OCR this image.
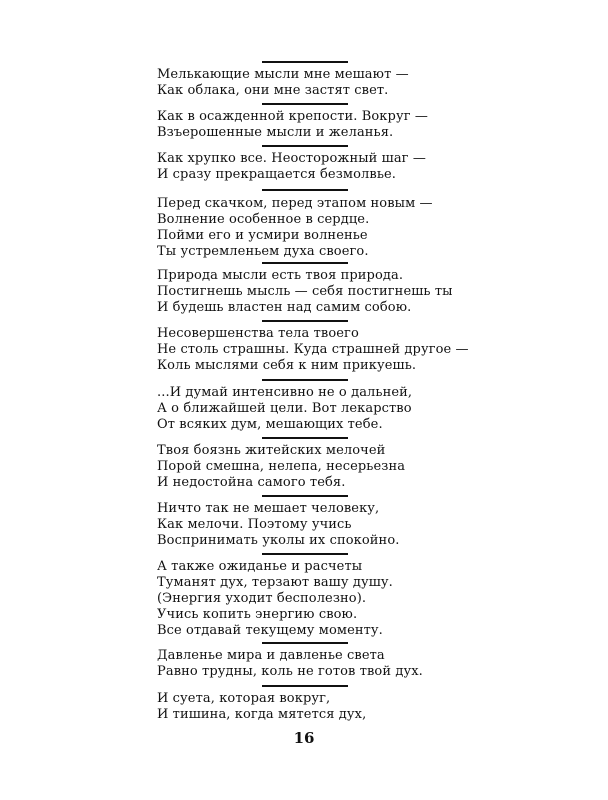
Мелькающие мысли мне мешают —
Как облака, они мне застят свет.
Как в осажденной крепости. Вокруг —
Взъерошенные мысли и желанья.
Как хрупко все. Неосторожный шаг —
И сразу прекращается безмолвье.
Перед скачком, перед этапом новым —
Волнение особенное в сердце.
Пойми его и усмири волненье
Ты устремленьем духа своего.
Природа мысли есть твоя природа.
Постигнешь мысль — себя постигнешь ты
И будешь властен над самим собою.
Несовершенства тела твоего
Не столь страшны. Куда страшней другое —
Коль мыслями себя к ним прикуешь.
...И думай интенсивно не о дальней,
А о ближайшей цели. Вот лекарство
От всяких дум, мешающих тебе.
Твоя боязнь житейских мелочей
Порой смешна, нелепа, несерьезна
И недостойна самого тебя.
Ничто так не мешает человеку,
Как мелочи. Поэтому учись
Воспринимать уколы их спокойно.
А также ожиданье и расчеты
Туманят дух, терзают вашу душу.
(Энергия уходит бесполезно).
Учись копить энергию свою.
Все отдавай текущему моменту.
Давленье мира и давленье света
Равно трудны, коль не готов твой дух.
И суета, которая вокруг,
И тишина, когда мятется дух,
16
